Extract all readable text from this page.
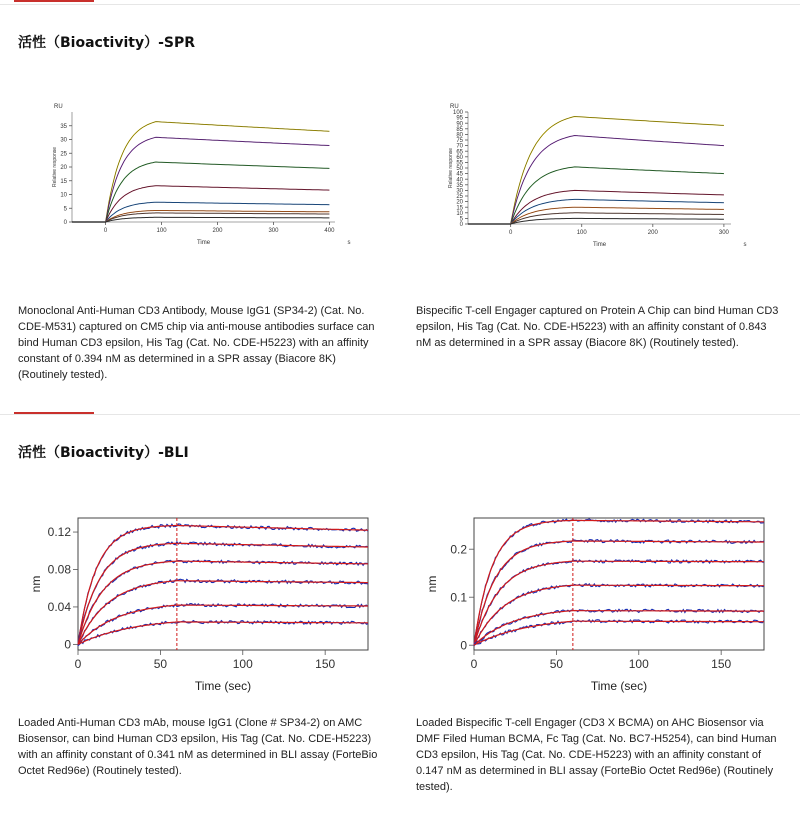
活性（Bioactivity）-SPR
0	100	200	300	400
0
5
10
15
20
25
30
35
Time	s
RU
Relative response
0	100	200	300
0
5
10
15
20
25
30
35
40
45
50
55
60
65
70
75
80
85
90
95
100
Time	s
RU
Relative response

Monoclonal Anti-Human CD3 Antibody, Mouse IgG1 (SP34-2) (Cat. No. CDE-M531) captured on CM5 chip via anti-mouse antibodies surface can bind Human CD3 epsilon, His Tag (Cat. No. CDE-H5223) with an affinity constant of 0.394 nM as determined in a SPR assay (Biacore 8K) (Routinely tested).

Bispecific T-cell Engager captured on Protein A Chip can bind Human CD3 epsilon, His Tag (Cat. No. CDE-H5223) with an affinity constant of 0.843 nM as determined in a SPR assay (Biacore 8K) (Routinely tested).

活性（Bioactivity）-BLI
0	50	100	150
0
0.04
0.08
0.12
Time (sec)
nm
0	50	100	150
0
0.1
0.2
Time (sec)
nm

Loaded Anti-Human CD3 mAb, mouse IgG1 (Clone # SP34-2) on AMC Biosensor, can bind Human CD3 epsilon, His Tag (Cat. No. CDE-H5223) with an affinity constant of 0.341 nM as determined in BLI assay (ForteBio Octet Red96e) (Routinely tested).

Loaded Bispecific T-cell Engager (CD3 X BCMA) on AHC Biosensor via DMF Filed Human BCMA, Fc Tag (Cat. No. BC7-H5254), can bind Human CD3 epsilon, His Tag (Cat. No. CDE-H5223) with an affinity constant of 0.147 nM as determined in BLI assay (ForteBio Octet Red96e) (Routinely tested).
